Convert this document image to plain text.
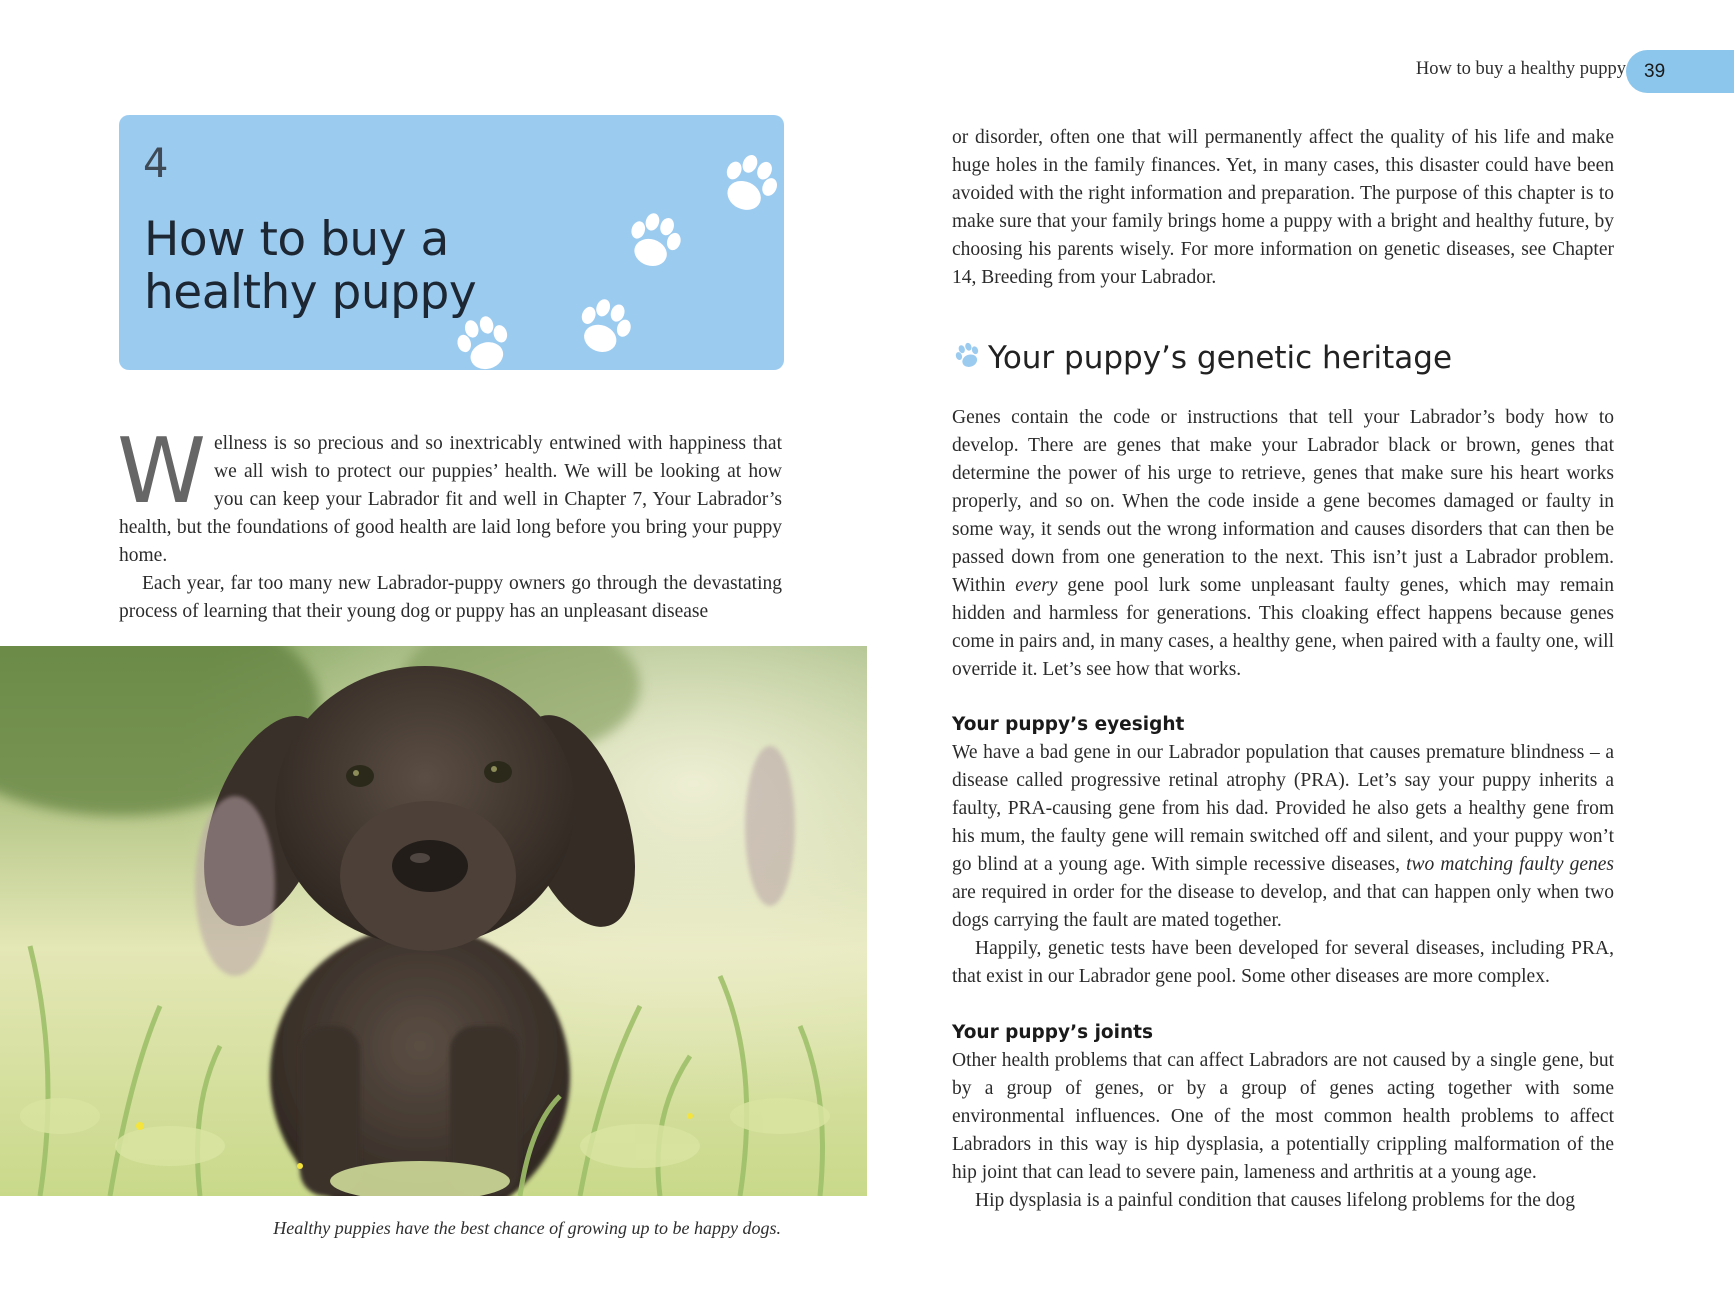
How to buy a healthy puppy 39
4
How to buy a healthy puppy

Wellness is so precious and so inextricably entwined with happiness that we all wish to protect our puppies’ health. We will be looking at how you can keep your Labrador fit and well in Chapter 7, Your Labrador’s health, but the foundations of good health are laid long before you bring your puppy home.

Each year, far too many new Labrador-puppy owners go through the devastating process of learning that their young dog or puppy has an unpleasant disease

Healthy puppies have the best chance of growing up to be happy dogs.

or disorder, often one that will permanently affect the quality of his life and make huge holes in the family finances. Yet, in many cases, this disaster could have been avoided with the right information and preparation. The purpose of this chapter is to make sure that your family brings home a puppy with a bright and healthy future, by choosing his parents wisely. For more information on genetic diseases, see Chapter 14, Breeding from your Labrador.

Your puppy’s genetic heritage

Genes contain the code or instructions that tell your Labrador’s body how to develop. There are genes that make your Labrador black or brown, genes that determine the power of his urge to retrieve, genes that make sure his heart works properly, and so on. When the code inside a gene becomes damaged or faulty in some way, it sends out the wrong information and causes disorders that can then be passed down from one generation to the next. This isn’t just a Labrador problem. Within every gene pool lurk some unpleasant faulty genes, which may remain hidden and harmless for generations. This cloaking effect happens because genes come in pairs and, in many cases, a healthy gene, when paired with a faulty one, will override it. Let’s see how that works.

Your puppy’s eyesight

We have a bad gene in our Labrador population that causes premature blindness – a disease called progressive retinal atrophy (PRA). Let’s say your puppy inherits a faulty, PRA-causing gene from his dad. Provided he also gets a healthy gene from his mum, the faulty gene will remain switched off and silent, and your puppy won’t go blind at a young age. With simple recessive diseases, two matching faulty genes are required in order for the disease to develop, and that can happen only when two dogs carrying the fault are mated together.

Happily, genetic tests have been developed for several diseases, including PRA, that exist in our Labrador gene pool. Some other diseases are more complex.

Your puppy’s joints

Other health problems that can affect Labradors are not caused by a single gene, but by a group of genes, or by a group of genes acting together with some environmental influences. One of the most common health problems to affect Labradors in this way is hip dysplasia, a potentially crippling malformation of the hip joint that can lead to severe pain, lameness and arthritis at a young age.

Hip dysplasia is a painful condition that causes lifelong problems for the dog
